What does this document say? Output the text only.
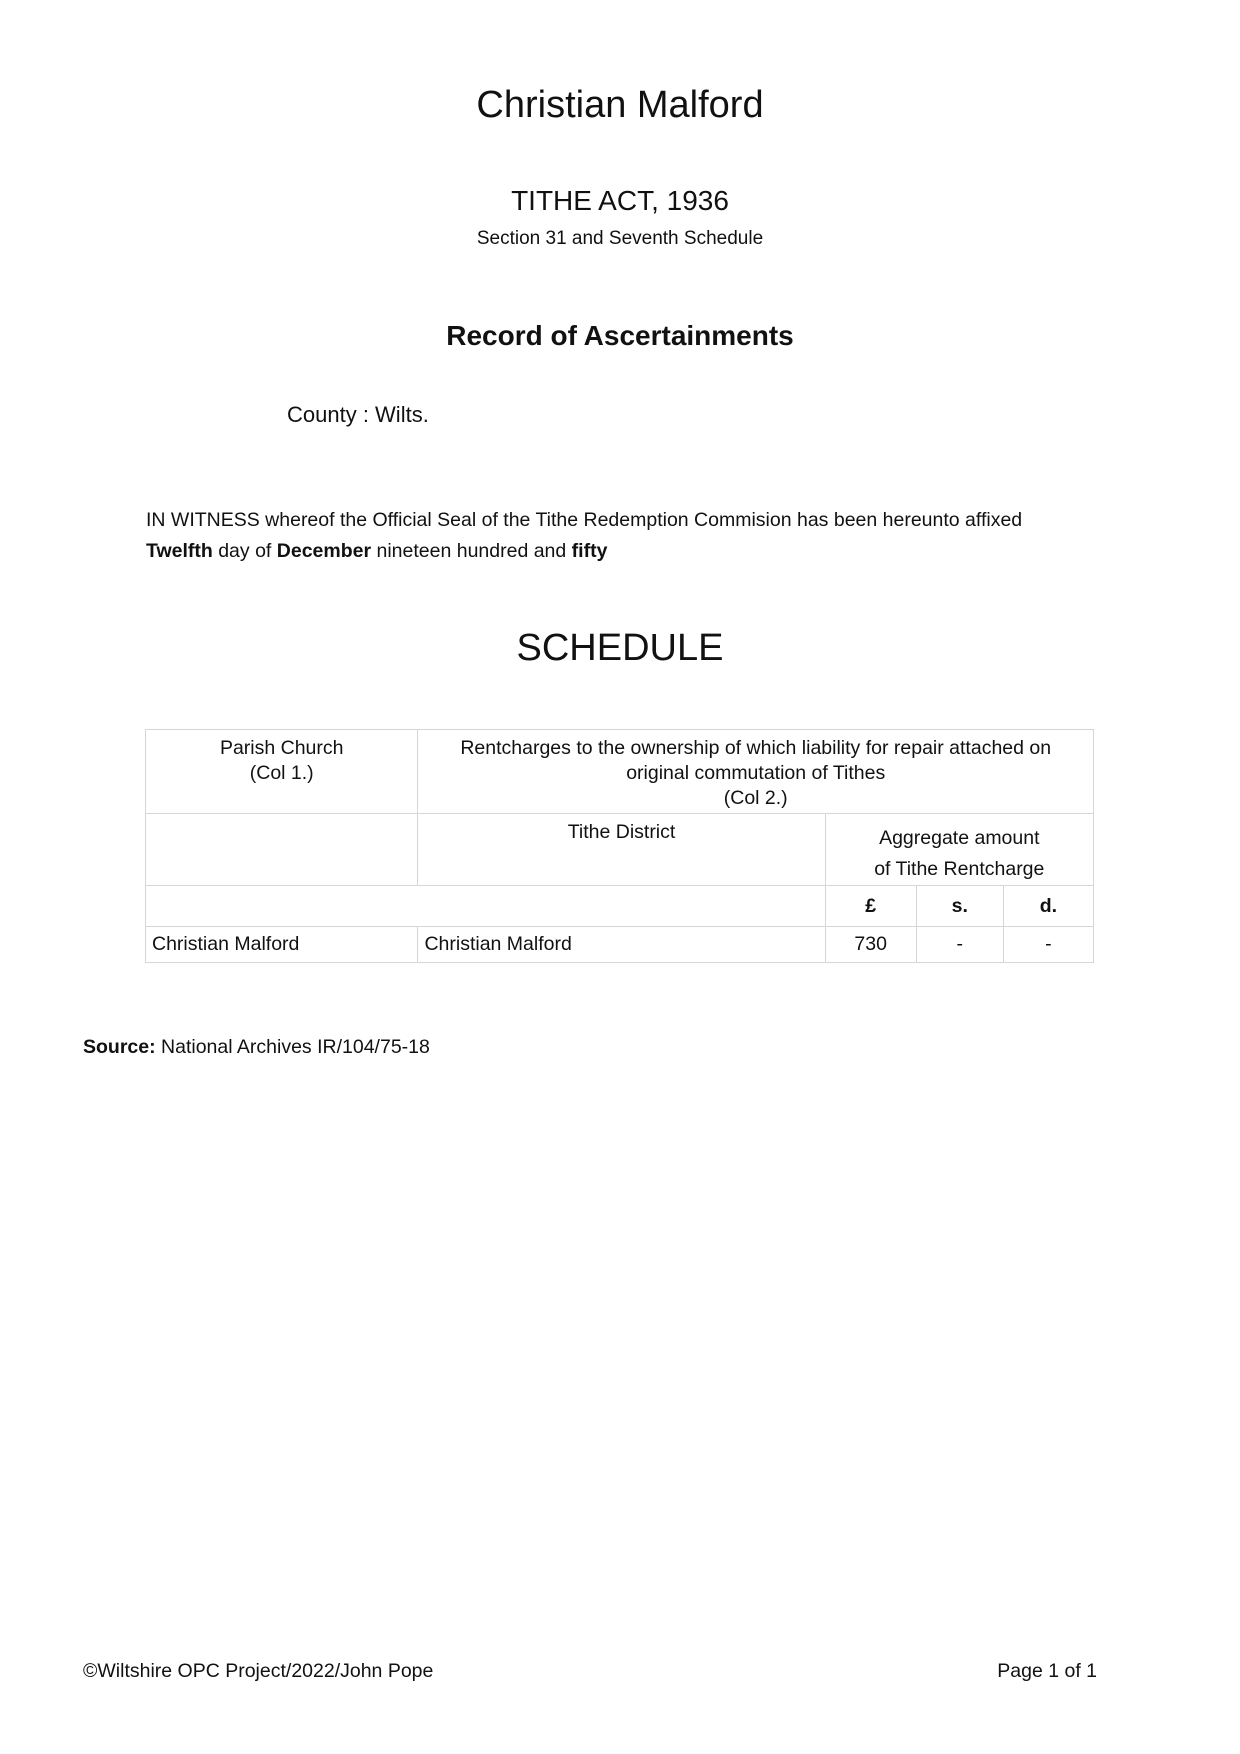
Christian Malford
TITHE ACT, 1936
Section 31 and Seventh Schedule
Record of Ascertainments
County : Wilts.
IN WITNESS whereof the Official Seal of the Tithe Redemption Commision has been hereunto affixed
Twelfth day of December nineteen hundred and fifty
SCHEDULE
Parish Church
(Col 1.)	Rentcharges to the ownership of which liability for repair attached on
original commutation of Tithes
(Col 2.)			

	Tithe District	Aggregate amount
of Tithe Rentcharge		

		£	s.	d.
Christian Malford	Christian Malford	730	-	-
Source: National Archives IR/104/75-18
©Wiltshire OPC Project/2022/John Pope	Page 1 of 1
